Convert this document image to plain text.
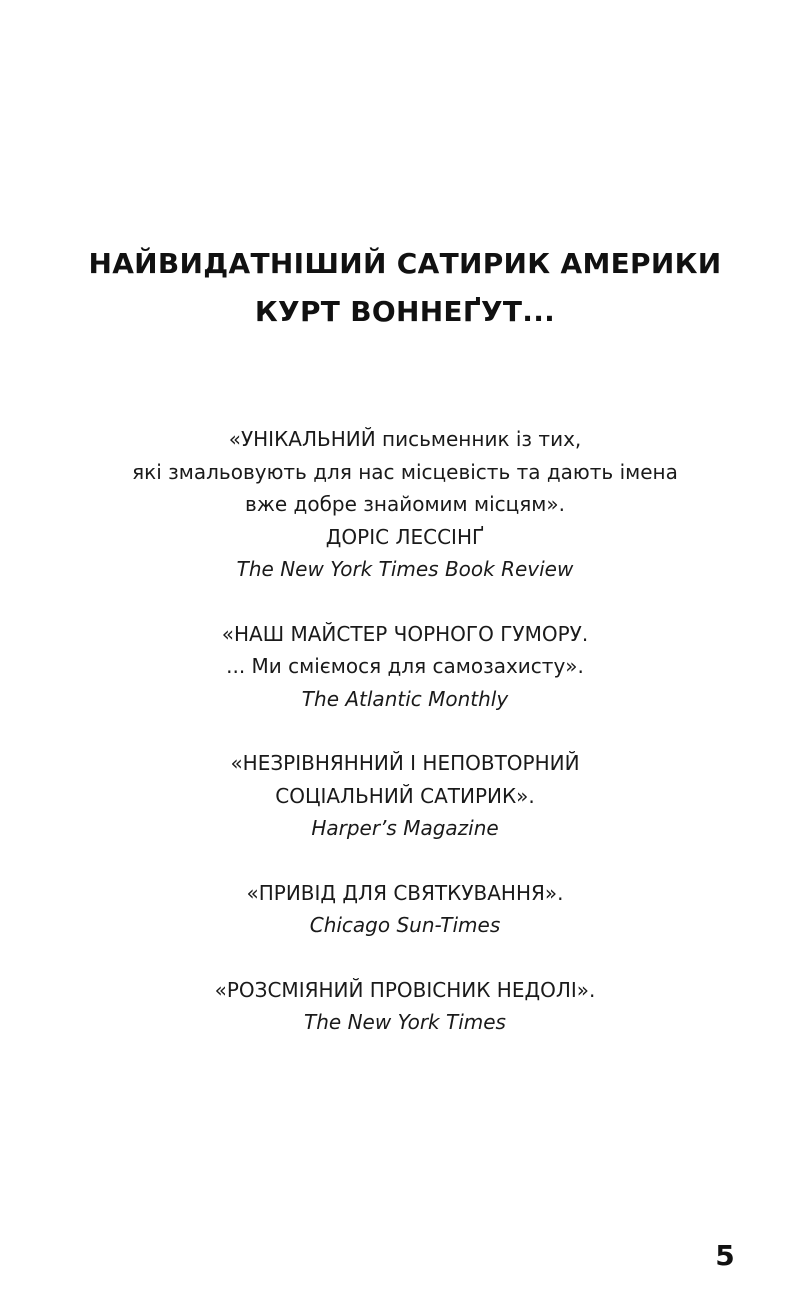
НАЙВИДАТНІШИЙ САТИРИК АМЕРИКИ
КУРТ ВОННЕҐУТ...
«УНІКАЛЬНИЙ письменник із тих,
які змальовують для нас місцевість та дають імена
вже добре знайомим місцям».
ДОРІС ЛЕССІНҐ
The New York Times Book Review
«НАШ МАЙСТЕР ЧОРНОГО ГУМОРУ.
... Ми сміємося для самозахисту».
The Atlantic Monthly
«НЕЗРІВНЯННИЙ І НЕПОВТОРНИЙ
СОЦІАЛЬНИЙ САТИРИК».
Harper’s Magazine
«ПРИВІД ДЛЯ СВЯТКУВАННЯ».
Chicago Sun-Times
«РОЗСМІЯНИЙ ПРОВІСНИК НЕДОЛІ».
The New York Times
5
